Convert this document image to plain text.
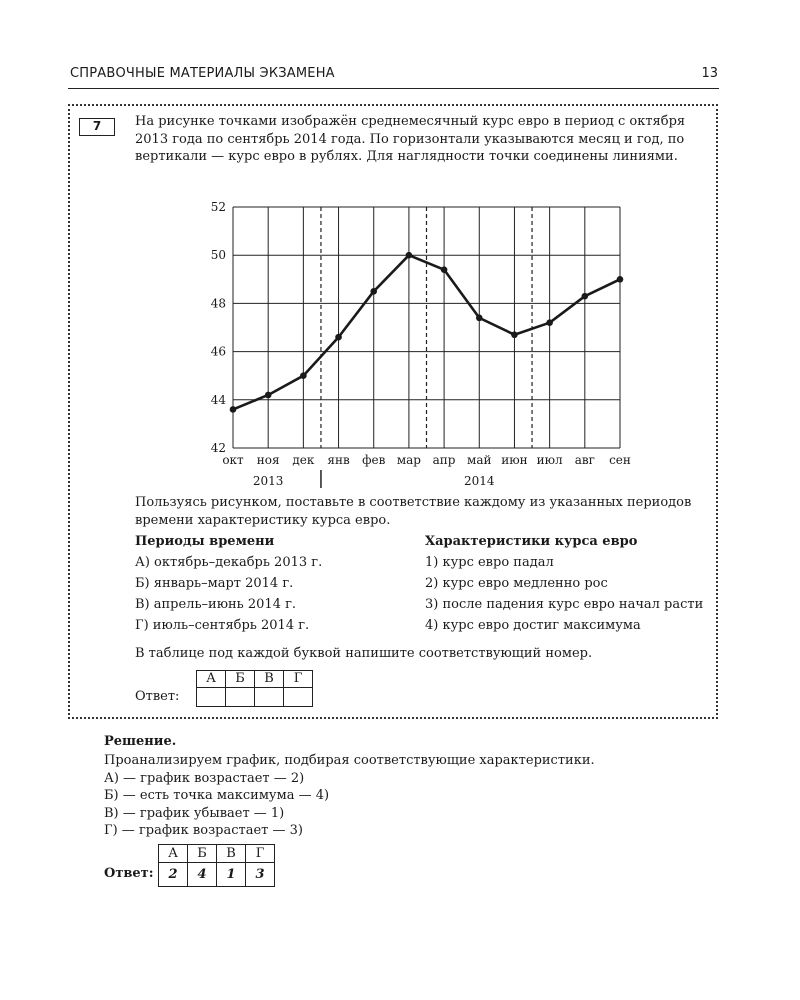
СПРАВОЧНЫЕ МАТЕРИАЛЫ ЭКЗАМЕНА	13
7	На рисунке точками изображён среднемесячный курс евро в период с октября 2013 года по сентябрь 2014 года. По горизонтали указываются месяц и год, по вертикали — курс евро в рублях. Для наглядности точки соединены линиями.
42
44
46
48
50
52
окт ноя дек янв фев мар апр май июн июл авг сен
2013	2014
Пользуясь рисунком, поставьте в соответствие каждому из указанных периодов времени характеристику курса евро.
Периоды времени
А) октябрь–декабрь 2013 г.
Б) январь–март 2014 г.
В) апрель–июнь 2014 г.
Г) июль–сентябрь 2014 г.
Характеристики курса евро
1) курс евро падал
2) курс евро медленно рос
3) после падения курс евро начал расти
4) курс евро достиг максимума
В таблице под каждой буквой напишите соответствующий номер.
Ответ:
А	Б	В	Г

Решение.
Проанализируем график, подбирая соответствующие характеристики.
А) — график возрастает — 2)
Б) — есть точка максимума — 4)
В) — график убывает — 1)
Г) — график возрастает — 3)
Ответ:
А	Б	В	Г
2	4	1	3
